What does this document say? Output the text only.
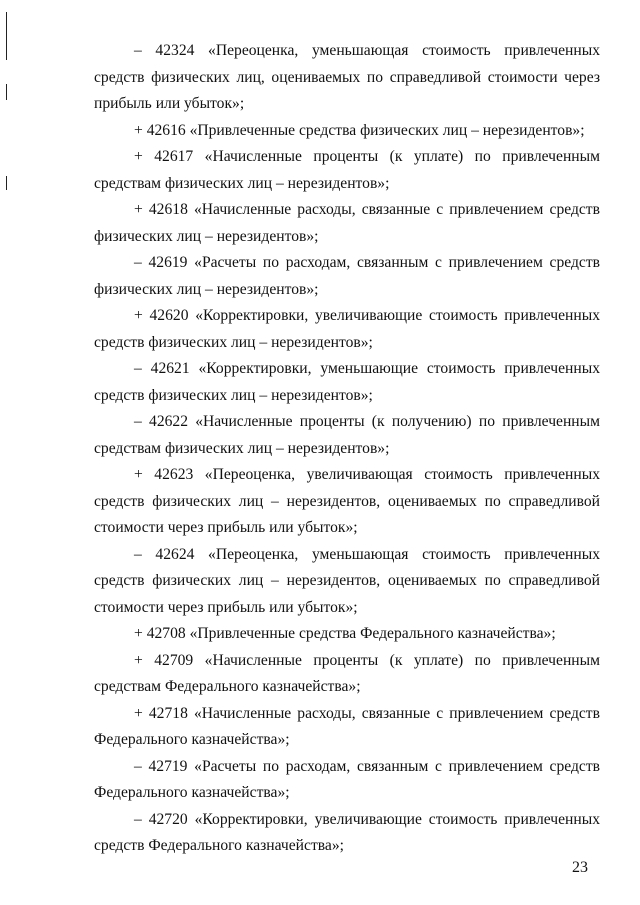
– 42324 «Переоценка, уменьшающая стоимость привлеченных средств физических лиц, оцениваемых по справедливой стоимости через прибыль или убыток»;

+ 42616 «Привлеченные средства физических лиц – нерезидентов»;

+ 42617 «Начисленные проценты (к уплате) по привлеченным средствам физических лиц – нерезидентов»;

+ 42618 «Начисленные расходы, связанные с привлечением средств физических лиц – нерезидентов»;

– 42619 «Расчеты по расходам, связанным с привлечением средств физических лиц – нерезидентов»;

+ 42620 «Корректировки, увеличивающие стоимость привлеченных средств физических лиц – нерезидентов»;

– 42621 «Корректировки, уменьшающие стоимость привлеченных средств физических лиц – нерезидентов»;

– 42622 «Начисленные проценты (к получению) по привлеченным средствам физических лиц – нерезидентов»;

+ 42623 «Переоценка, увеличивающая стоимость привлеченных средств физических лиц – нерезидентов, оцениваемых по справедливой стоимости через прибыль или убыток»;

– 42624 «Переоценка, уменьшающая стоимость привлеченных средств физических лиц – нерезидентов, оцениваемых по справедливой стоимости через прибыль или убыток»;

+ 42708 «Привлеченные средства Федерального казначейства»;

+ 42709 «Начисленные проценты (к уплате) по привлеченным средствам Федерального казначейства»;

+ 42718 «Начисленные расходы, связанные с привлечением средств Федерального казначейства»;

– 42719 «Расчеты по расходам, связанным с привлечением средств Федерального казначейства»;

– 42720 «Корректировки, увеличивающие стоимость привлеченных средств Федерального казначейства»;

23
